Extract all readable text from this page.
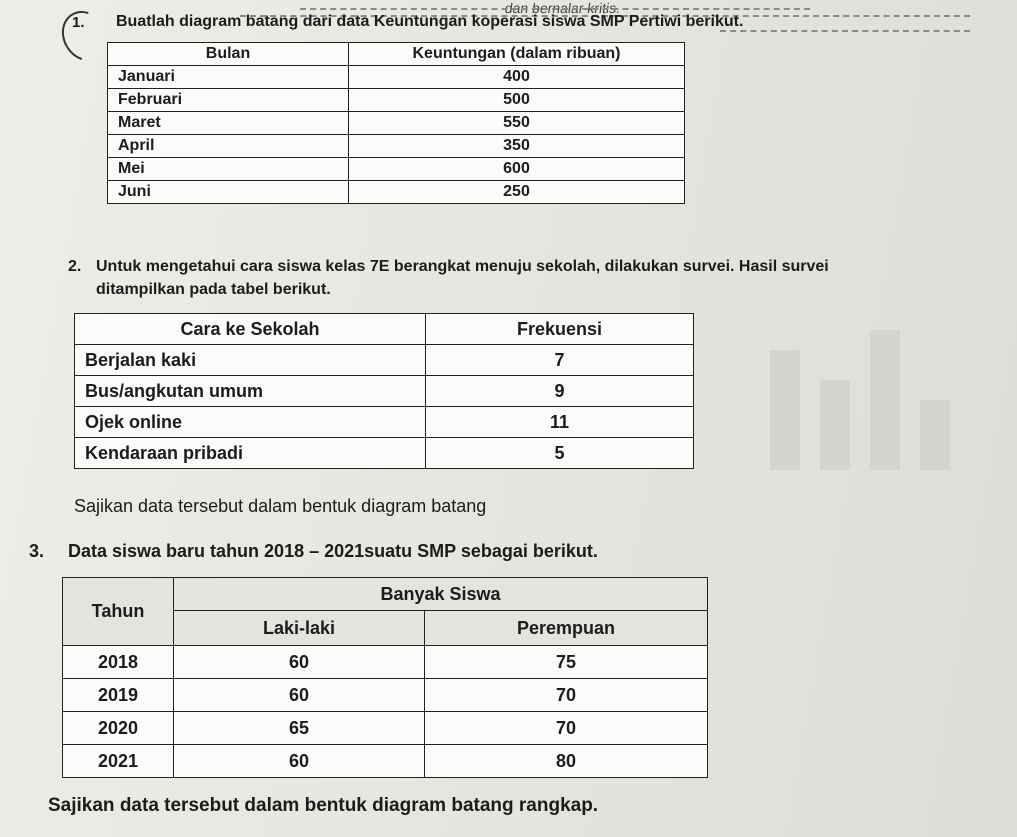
dan bernalar kritis.
1. Buatlah diagram batang dari data Keuntungan koperasi siswa SMP Pertiwi berikut.
Bulan	Keuntungan (dalam ribuan)
Januari	400
Februari	500
Maret	550
April	350
Mei	600
Juni	250
2. Untuk mengetahui cara siswa kelas 7E berangkat menuju sekolah, dilakukan survei. Hasil survei
ditampilkan pada tabel berikut.
Cara ke Sekolah	Frekuensi
Berjalan kaki	7
Bus/angkutan umum	9
Ojek online	11
Kendaraan pribadi	5
Sajikan data tersebut dalam bentuk diagram batang
3. Data siswa baru tahun 2018 – 2021suatu SMP sebagai berikut.
Tahun	Banyak Siswa	
	Laki-laki	Perempuan
2018	60	75
2019	60	70
2020	65	70
2021	60	80
Sajikan data tersebut dalam bentuk diagram batang rangkap.
